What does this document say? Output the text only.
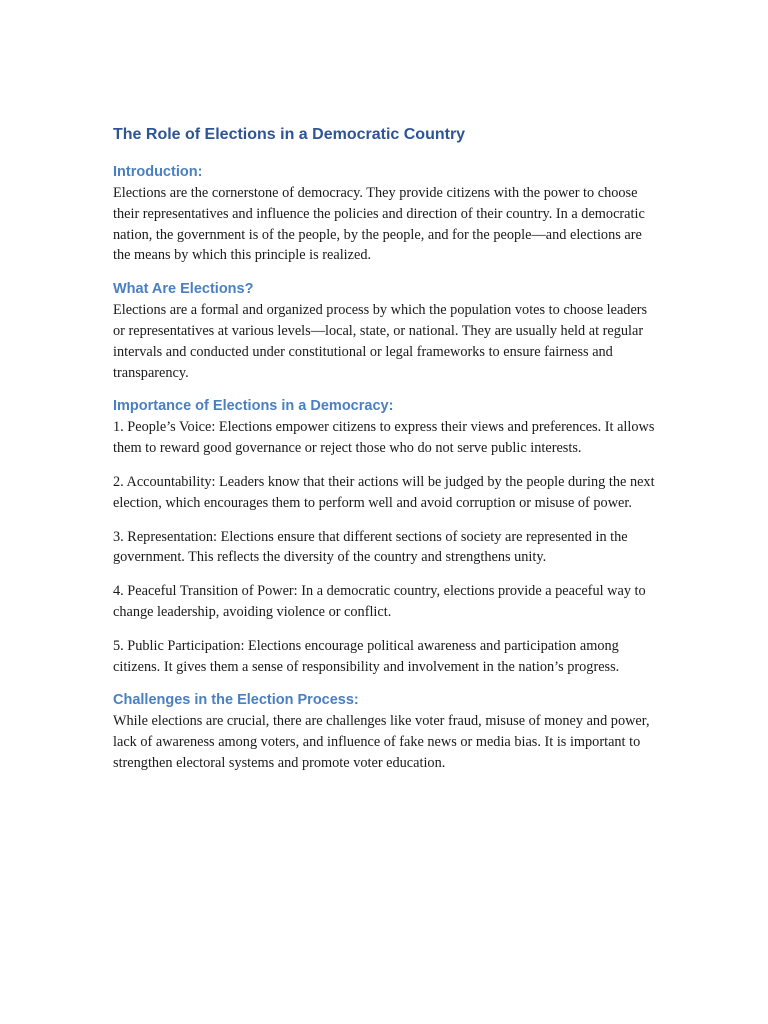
The Role of Elections in a Democratic Country
Introduction:

Elections are the cornerstone of democracy. They provide citizens with the power to choose their representatives and influence the policies and direction of their country. In a democratic nation, the government is of the people, by the people, and for the people—and elections are the means by which this principle is realized.

What Are Elections?

Elections are a formal and organized process by which the population votes to choose leaders or representatives at various levels—local, state, or national. They are usually held at regular intervals and conducted under constitutional or legal frameworks to ensure fairness and transparency.

Importance of Elections in a Democracy:

1. People’s Voice: Elections empower citizens to express their views and preferences. It allows them to reward good governance or reject those who do not serve public interests.

2. Accountability: Leaders know that their actions will be judged by the people during the next election, which encourages them to perform well and avoid corruption or misuse of power.

3. Representation: Elections ensure that different sections of society are represented in the government. This reflects the diversity of the country and strengthens unity.

4. Peaceful Transition of Power: In a democratic country, elections provide a peaceful way to change leadership, avoiding violence or conflict.

5. Public Participation: Elections encourage political awareness and participation among citizens. It gives them a sense of responsibility and involvement in the nation’s progress.

Challenges in the Election Process:

While elections are crucial, there are challenges like voter fraud, misuse of money and power, lack of awareness among voters, and influence of fake news or media bias. It is important to strengthen electoral systems and promote voter education.
